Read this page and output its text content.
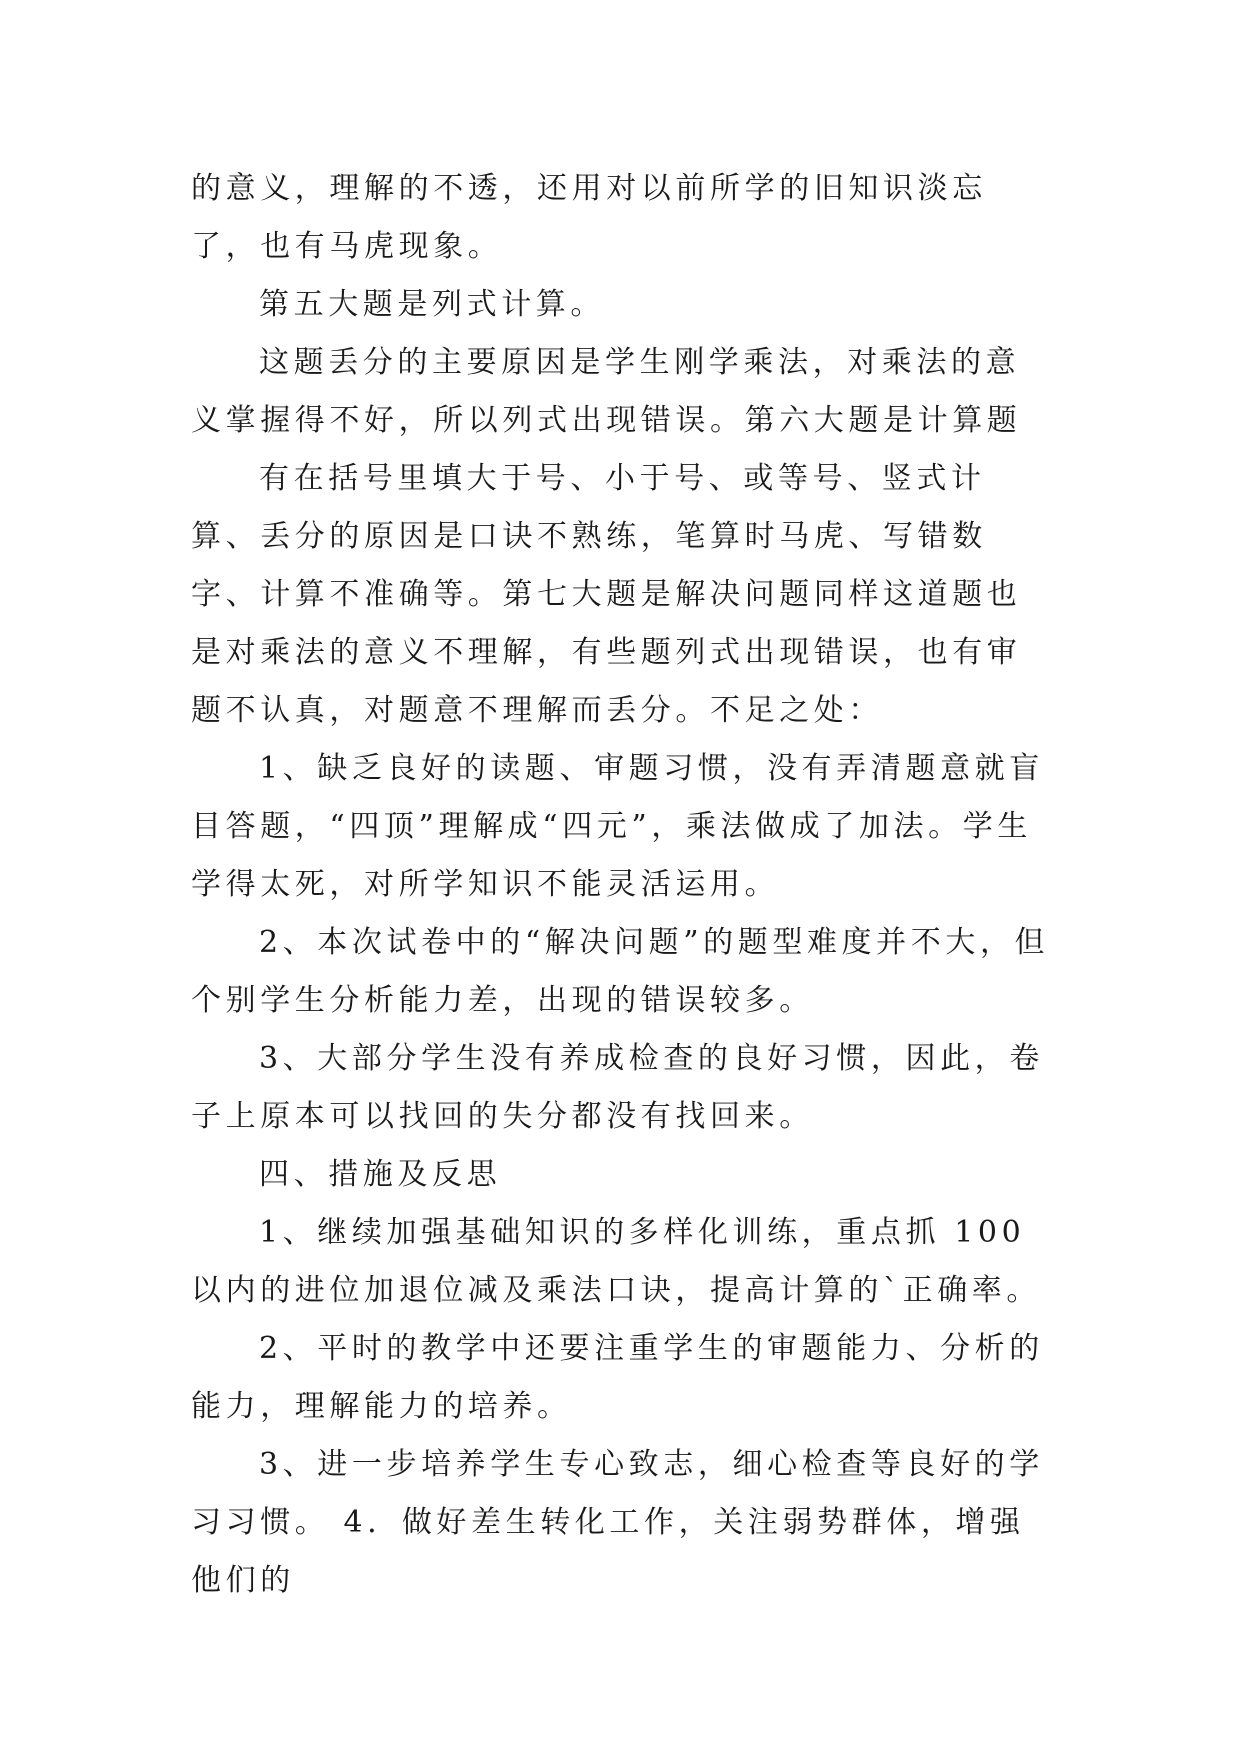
的意义，理解的不透，还用对以前所学的旧知识淡忘了，也有马虎现象。

第五大题是列式计算。

这题丢分的主要原因是学生刚学乘法，对乘法的意义掌握得不好，所以列式出现错误。第六大题是计算题

有在括号里填大于号、小于号、或等号、竖式计算、丢分的原因是口诀不熟练，笔算时马虎、写错数字、计算不准确等。第七大题是解决问题同样这道题也是对乘法的意义不理解，有些题列式出现错误，也有审题不认真，对题意不理解而丢分。不足之处：

1、缺乏良好的读题、审题习惯，没有弄清题意就盲目答题，“四顶”理解成“四元”，乘法做成了加法。学生学得太死，对所学知识不能灵活运用。

2、本次试卷中的“解决问题”的题型难度并不大，但个别学生分析能力差，出现的错误较多。

3、大部分学生没有养成检查的良好习惯，因此，卷子上原本可以找回的失分都没有找回来。

四、措施及反思

1、继续加强基础知识的多样化训练，重点抓 100 以内的进位加退位减及乘法口诀，提高计算的`正确率。

2、平时的教学中还要注重学生的审题能力、分析的能力，理解能力的培养。

3、进一步培养学生专心致志，细心检查等良好的学习习惯。 4．做好差生转化工作，关注弱势群体，增强他们的
